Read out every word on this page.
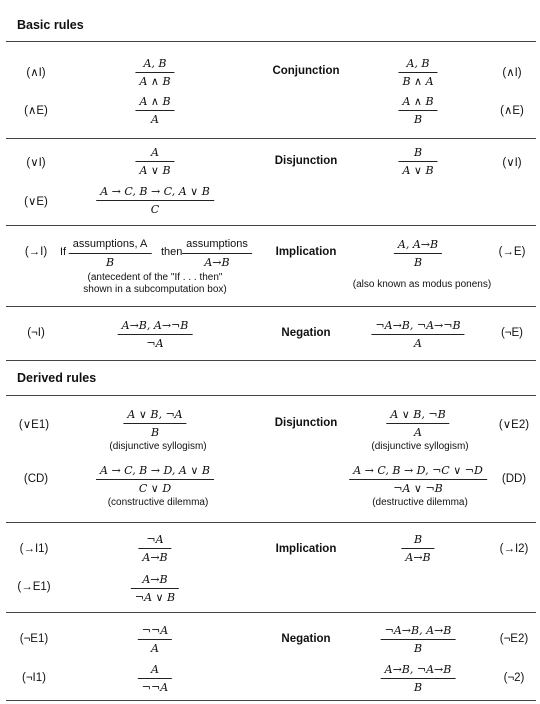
Basic rules
Derived rules
(∧I)
A, B
A ∧ B
Conjunction
A, B
B ∧ A
(∧I)
(∧E)
A ∧ B
A
A ∧ B
B
(∧E)
(∨I)
A
A ∨ B
Disjunction
B
A ∨ B
(∨I)
(∨E)
A → C, B → C, A ∨ B
C
(→I)	If
assumptions, A
B
then
assumptions
A→B
(antecedent of the "If . . . then"
shown in a subcomputation box)
Implication
A, A→B
B
(also known as modus ponens)
(→E)
(¬I)
A→B, A→¬B
¬A
Negation
¬A→B, ¬A→¬B
A
(¬E)
(∨E1)
A ∨ B, ¬A
B
(disjunctive syllogism)
Disjunction
A ∨ B, ¬B
A
(disjunctive syllogism)
(∨E2)
(CD)
A → C, B → D, A ∨ B
C ∨ D
(constructive dilemma)
A → C, B → D, ¬C ∨ ¬D
¬A ∨ ¬B
(destructive dilemma)
(DD)
(→I1)
¬A
A→B
Implication
B
A→B
(→I2)
(→E1)
A→B
¬A ∨ B
(¬E1)
¬¬A
A
Negation
¬A→B, A→B
B
(¬E2)
(¬I1)
A
¬¬A
A→B, ¬A→B
B
(¬2)
